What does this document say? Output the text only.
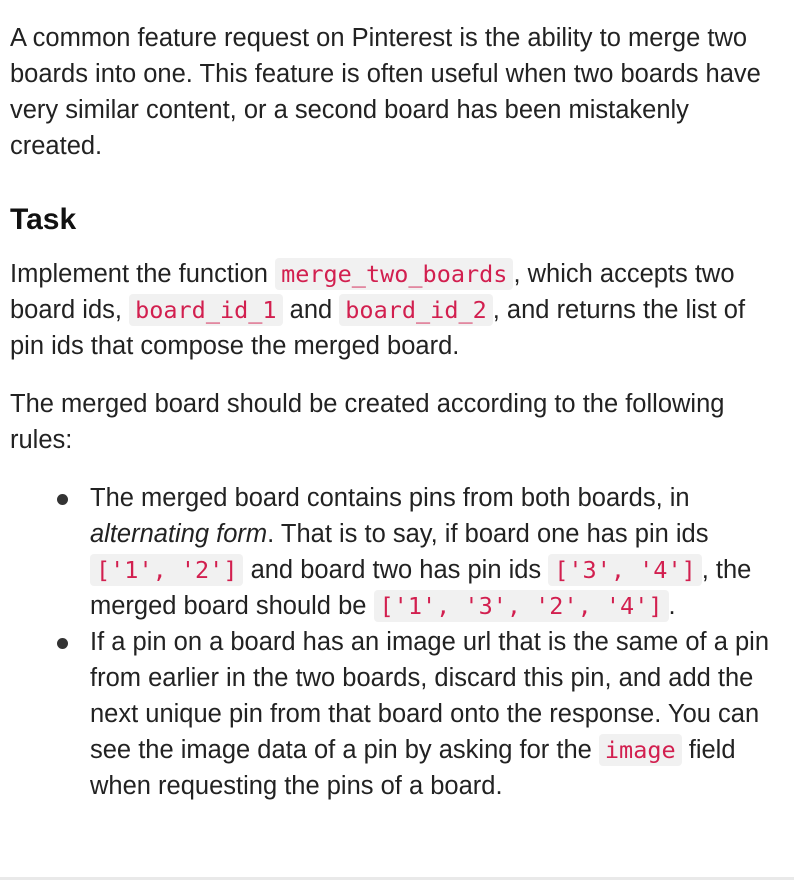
A common feature request on Pinterest is the ability to merge two boards into one. This feature is often useful when two boards have very similar content, or a second board has been mistakenly created.

Task

Implement the function merge_two_boards , which accepts two board ids, board_id_1 and board_id_2 , and returns the list of pin ids that compose the merged board.

The merged board should be created according to the following rules:

The merged board contains pins from both boards, in alternating form. That is to say, if board one has pin ids ['1', '2'] and board two has pin ids ['3', '4'] , the merged board should be ['1', '3', '2', '4'] .
If a pin on a board has an image url that is the same of a pin from earlier in the two boards, discard this pin, and add the next unique pin from that board onto the response. You can see the image data of a pin by asking for the image field when requesting the pins of a board.
